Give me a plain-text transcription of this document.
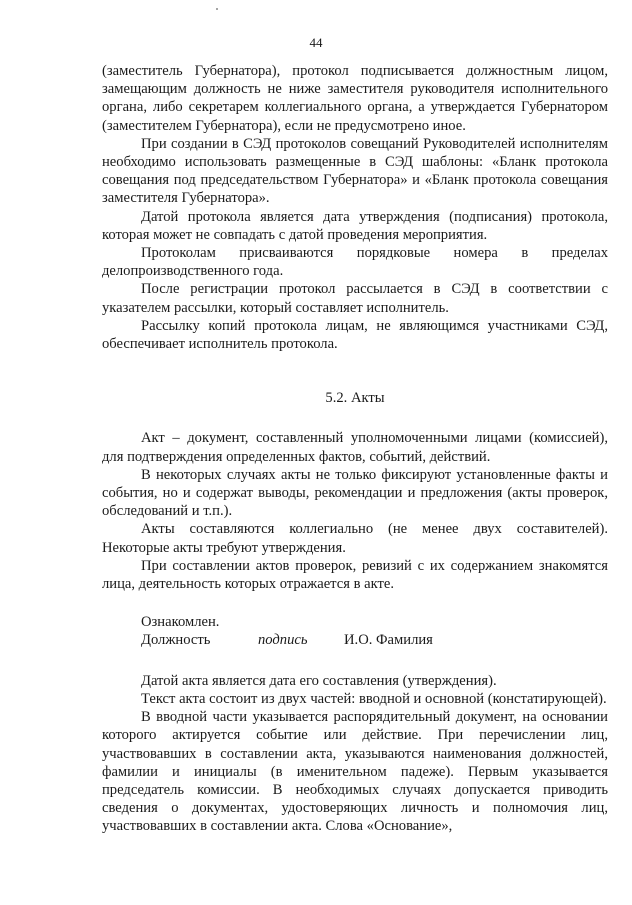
44

(заместитель Губернатора), протокол подписывается должностным лицом, замещающим должность не ниже заместителя руководителя исполнительного органа, либо секретарем коллегиального органа, а утверждается Губернатором (заместителем Губернатора), если не предусмотрено иное.

При создании в СЭД протоколов совещаний Руководителей исполнителям необходимо использовать размещенные в СЭД шаблоны: «Бланк протокола совещания под председательством Губернатора» и «Бланк протокола совещания заместителя Губернатора».

Датой протокола является дата утверждения (подписания) протокола, которая может не совпадать с датой проведения мероприятия.

Протоколам присваиваются порядковые номера в пределах делопроизводственного года.

После регистрации протокол рассылается в СЭД в соответствии с указателем рассылки, который составляет исполнитель.

Рассылку копий протокола лицам, не являющимся участниками СЭД, обеспечивает исполнитель протокола.

5.2. Акты

Акт – документ, составленный уполномоченными лицами (комиссией), для подтверждения определенных фактов, событий, действий.

В некоторых случаях акты не только фиксируют установленные факты и события, но и содержат выводы, рекомендации и предложения (акты проверок, обследований и т.п.).

Акты составляются коллегиально (не менее двух составителей). Некоторые акты требуют утверждения.

При составлении актов проверок, ревизий с их содержанием знакомятся лица, деятельность которых отражается в акте.

Ознакомлен.
Должность	подпись	И.О. Фамилия

Датой акта является дата его составления (утверждения).

Текст акта состоит из двух частей: вводной и основной (констатирующей).

В вводной части указывается распорядительный документ, на основании которого актируется событие или действие. При перечислении лиц, участвовавших в составлении акта, указываются наименования должностей, фамилии и инициалы (в именительном падеже). Первым указывается председатель комиссии. В необходимых случаях допускается приводить сведения о документах, удостоверяющих личность и полномочия лиц, участвовавших в составлении акта. Слова «Основание»,
